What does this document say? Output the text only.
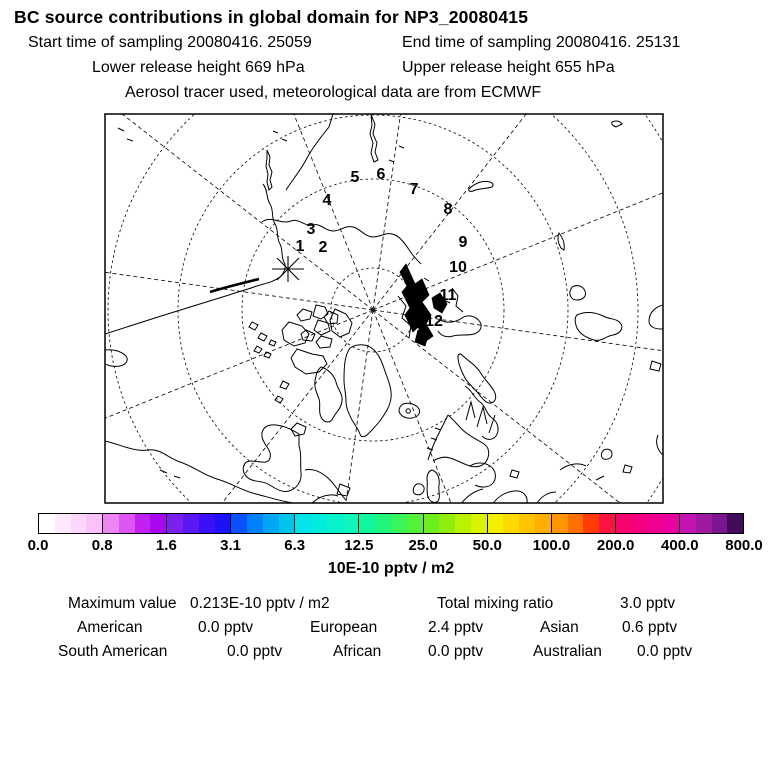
BC source contributions in global domain for NP3_20080415
Start time of sampling 20080416. 25059	End time of sampling 20080416. 25131
Lower release height 669 hPa	Upper release height 655 hPa
Aerosol tracer used, meteorological data are from ECMWF
1 2
3
4
5 6
7
8
9
10
11
12
0.0	0.8	1.6	3.1	6.3	12.5 25.0 50.0 100.0 200.0 400.0 800.0
10E-10 pptv / m2
Maximum value 0.213E-10 pptv / m2	Total mixing ratio	3.0 pptv
American	0.0 pptv	European	2.4 pptv	Asian	0.6 pptv
South American	0.0 pptv	African	0.0 pptv	Australian 0.0 pptv
